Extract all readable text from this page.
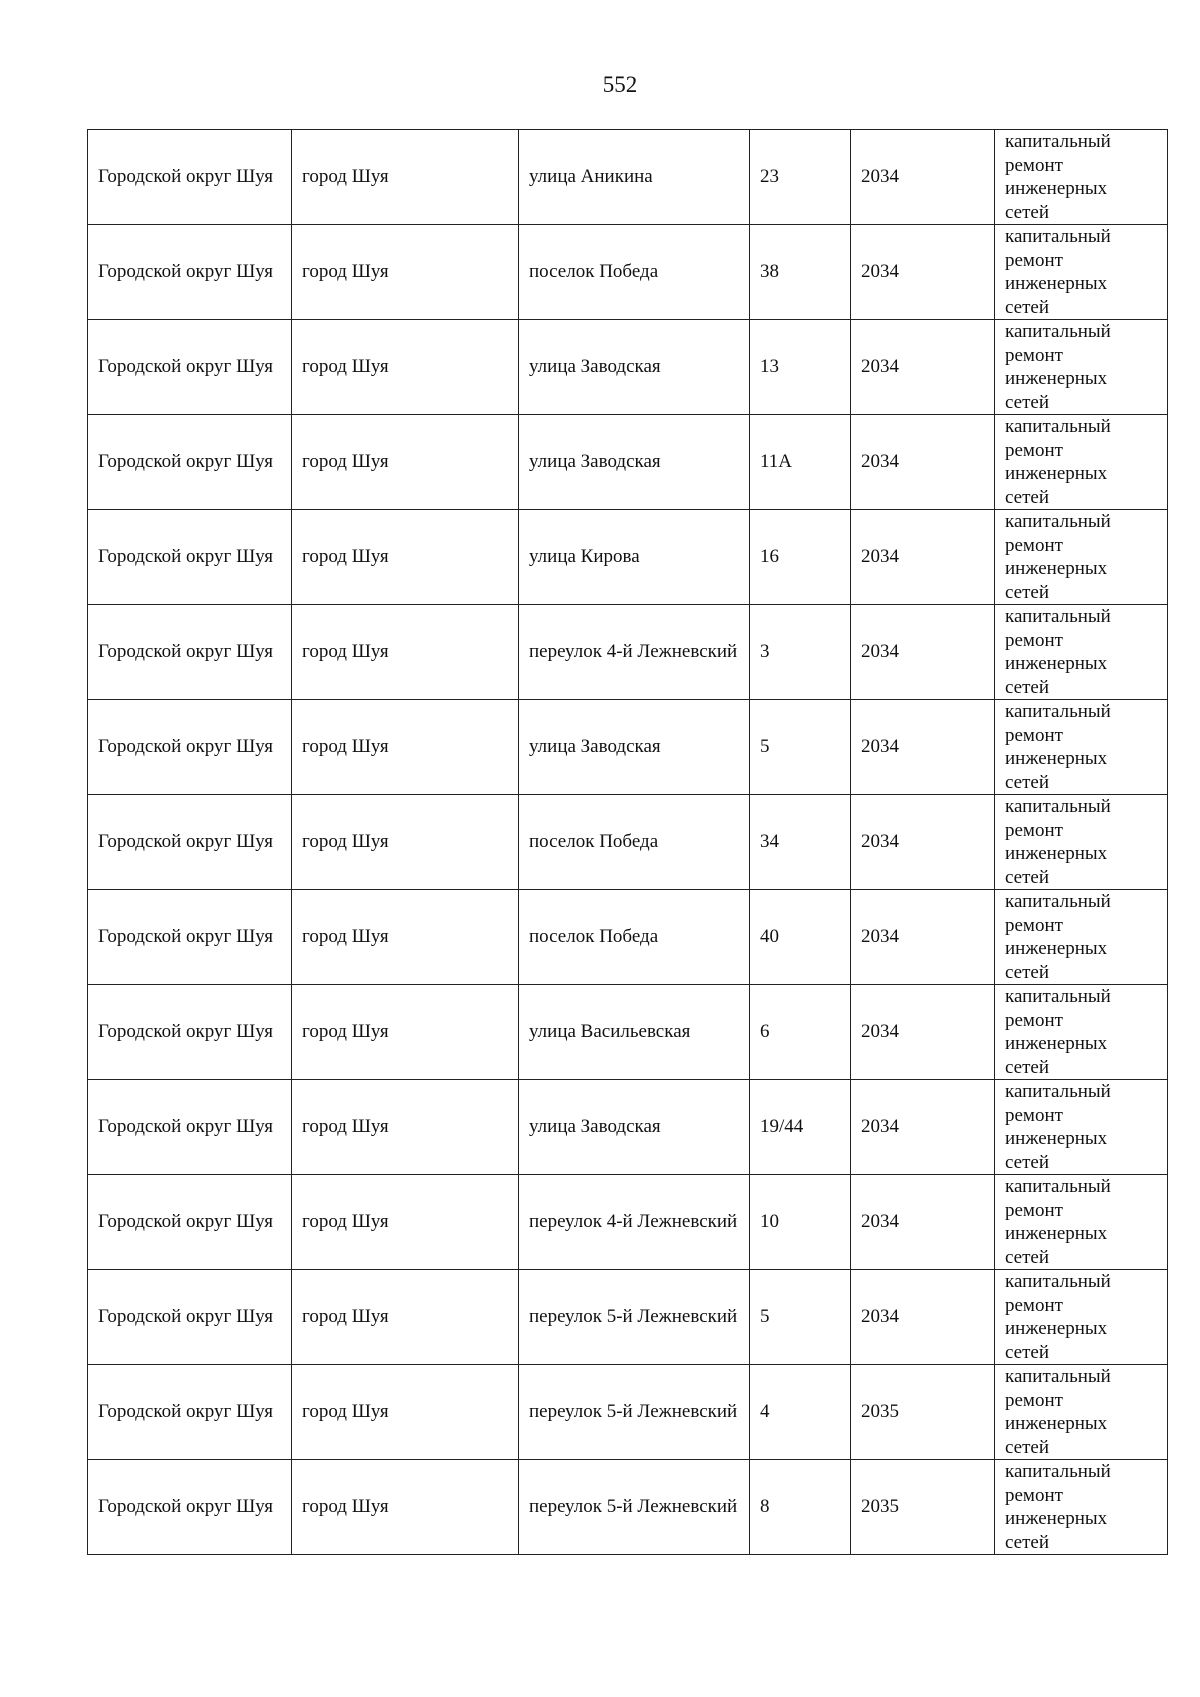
552
Городской округ Шуя	город Шуя	улица Аникина	23	2034	капитальный
ремонт
инженерных
сетей

Городской округ Шуя	город Шуя	поселок Победа	38	2034	капитальный
ремонт
инженерных
сетей

Городской округ Шуя	город Шуя	улица Заводская	13	2034	капитальный
ремонт
инженерных
сетей

Городской округ Шуя	город Шуя	улица Заводская	11А	2034	капитальный
ремонт
инженерных
сетей

Городской округ Шуя	город Шуя	улица Кирова	16	2034	капитальный
ремонт
инженерных
сетей

Городской округ Шуя	город Шуя	переулок 4-й Лежневский	3	2034	капитальный
ремонт
инженерных
сетей

Городской округ Шуя	город Шуя	улица Заводская	5	2034	капитальный
ремонт
инженерных
сетей

Городской округ Шуя	город Шуя	поселок Победа	34	2034	капитальный
ремонт
инженерных
сетей

Городской округ Шуя	город Шуя	поселок Победа	40	2034	капитальный
ремонт
инженерных
сетей

Городской округ Шуя	город Шуя	улица Васильевская	6	2034	капитальный
ремонт
инженерных
сетей

Городской округ Шуя	город Шуя	улица Заводская	19/44	2034	капитальный
ремонт
инженерных
сетей

Городской округ Шуя	город Шуя	переулок 4-й Лежневский	10	2034	капитальный
ремонт
инженерных
сетей

Городской округ Шуя	город Шуя	переулок 5-й Лежневский	5	2034	капитальный
ремонт
инженерных
сетей

Городской округ Шуя	город Шуя	переулок 5-й Лежневский	4	2035	капитальный
ремонт
инженерных
сетей

Городской округ Шуя	город Шуя	переулок 5-й Лежневский	8	2035	капитальный
ремонт
инженерных
сетей
